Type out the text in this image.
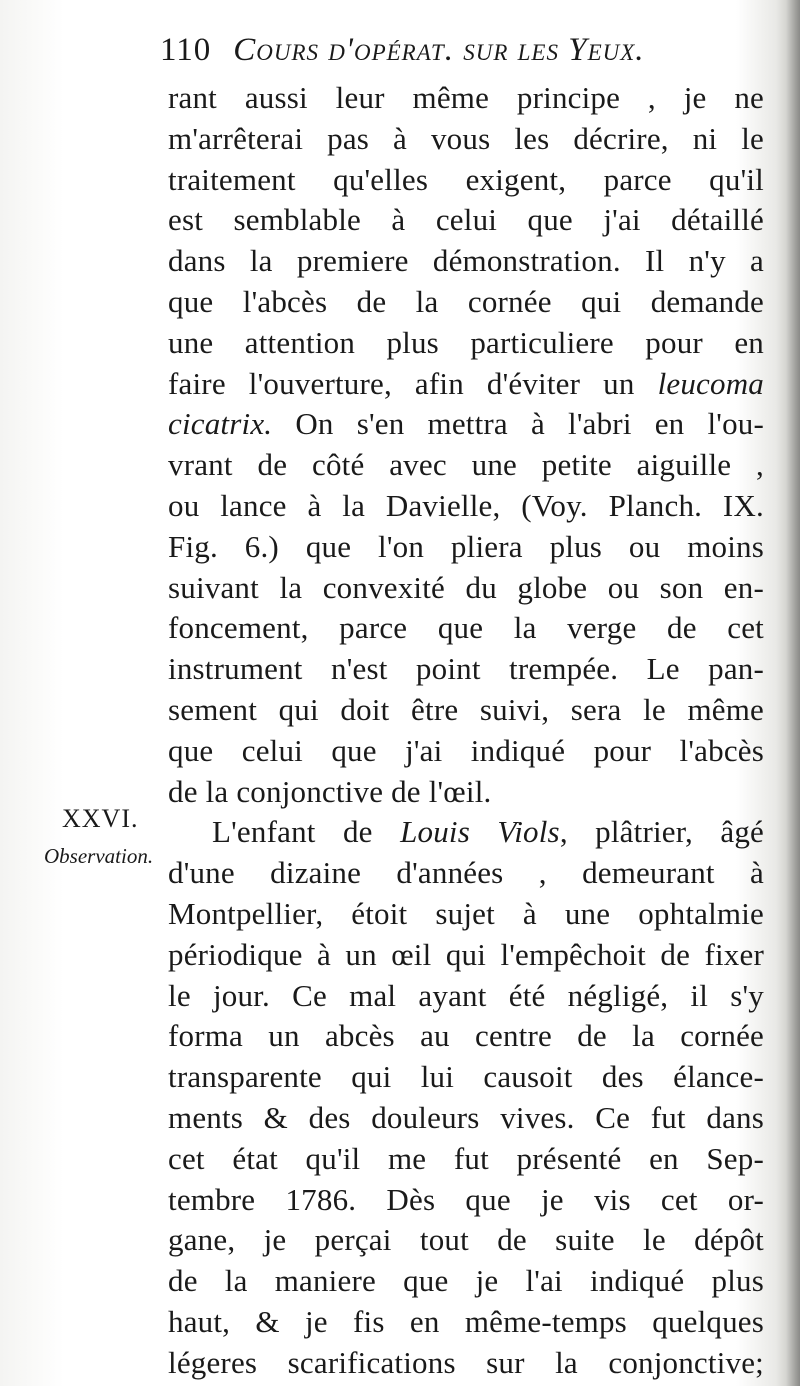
110 Cours d'opérat. sur les Yeux.
XXVI.
Observation.
rant aussi leur même principe , je ne
m'arrêterai pas à vous les décrire, ni le
traitement qu'elles exigent, parce qu'il
est semblable à celui que j'ai détaillé
dans la premiere démonstration. Il n'y a
que l'abcès de la cornée qui demande
une attention plus particuliere pour en
faire l'ouverture, afin d'éviter un leucoma
cicatrix. On s'en mettra à l'abri en l'ou-
vrant de côté avec une petite aiguille ,
ou lance à la Davielle, (Voy. Planch. IX.
Fig. 6.) que l'on pliera plus ou moins
suivant la convexité du globe ou son en-
foncement, parce que la verge de cet
instrument n'est point trempée. Le pan-
sement qui doit être suivi, sera le même
que celui que j'ai indiqué pour l'abcès
de la conjonctive de l'œil.
L'enfant de Louis Viols, plâtrier, âgé
d'une dizaine d'années , demeurant à
Montpellier, étoit sujet à une ophtalmie
périodique à un œil qui l'empêchoit de fixer
le jour. Ce mal ayant été négligé, il s'y
forma un abcès au centre de la cornée
transparente qui lui causoit des élance-
ments & des douleurs vives. Ce fut dans
cet état qu'il me fut présenté en Sep-
tembre 1786. Dès que je vis cet or-
gane, je perçai tout de suite le dépôt
de la maniere que je l'ai indiqué plus
haut, & je fis en même-temps quelques
légeres scarifications sur la conjonctive;
